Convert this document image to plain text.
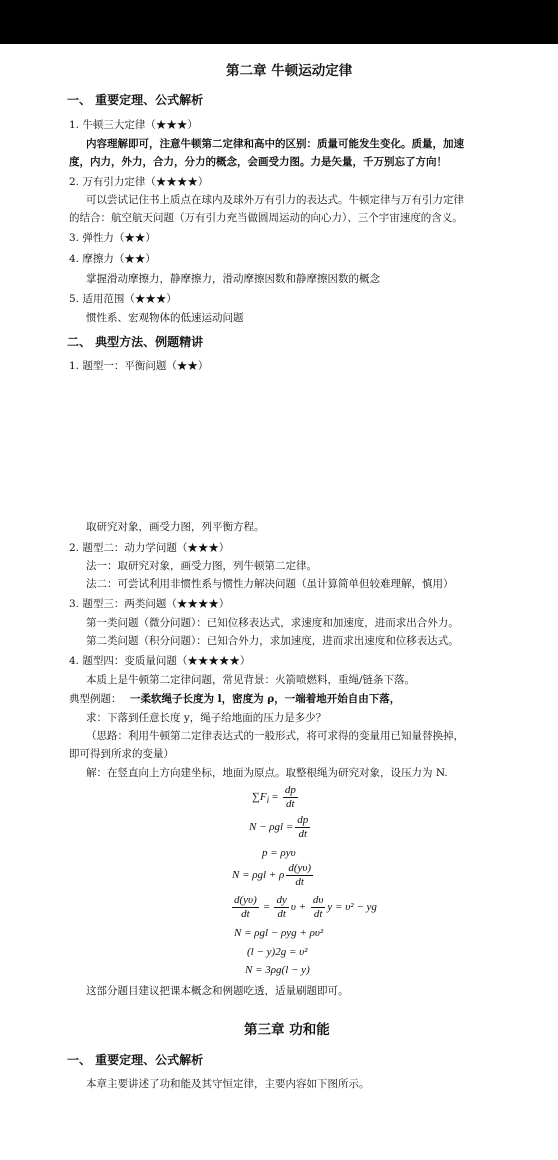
第二章 牛顿运动定律
一、 重要定理、公式解析
1. 牛顿三大定律（★★★）
内容理解即可，注意牛顿第二定律和高中的区别：质量可能发生变化。质量，加速
度，内力，外力，合力，分力的概念，会画受力图。力是矢量，千万别忘了方向！
2. 万有引力定律（★★★★）
可以尝试记住书上质点在球内及球外万有引力的表达式。牛顿定律与万有引力定律
的结合：航空航天问题（万有引力充当做圆周运动的向心力）、三个宇宙速度的含义。
3. 弹性力（★★）
4. 摩擦力（★★）
掌握滑动摩擦力，静摩擦力，滑动摩擦因数和静摩擦因数的概念
5. 适用范围（★★★）
惯性系、宏观物体的低速运动问题
二、 典型方法、例题精讲
1. 题型一：平衡问题（★★）
取研究对象，画受力图，列平衡方程。
2. 题型二：动力学问题（★★★）
法一：取研究对象，画受力图，列牛顿第二定律。
法二：可尝试利用非惯性系与惯性力解决问题（虽计算简单但较难理解，慎用）
3. 题型三：两类问题（★★★★）
第一类问题（微分问题）：已知位移表达式，求速度和加速度，进而求出合外力。
第二类问题（积分问题）：已知合外力，求加速度，进而求出速度和位移表达式。
4. 题型四：变质量问题（★★★★★）
本质上是牛顿第二定律问题，常见背景：火箭喷燃料，重绳/链条下落。
典型例题： 一柔软绳子长度为 l，密度为 ρ，一端着地开始自由下落，
求：下落到任意长度 y，绳子给地面的压力是多少？
（思路：利用牛顿第二定律表达式的一般形式，将可求得的变量用已知量替换掉，
即可得到所求的变量）
解：在竖直向上方向建坐标，地面为原点。取整根绳为研究对象，设压力为 N.
$\sum F_i = \frac{dp}{dt}$
$N - \rho gl = \frac{dp}{dt}$
p = ρyυ
N = ρgl + ρ $\frac{d(y\upsilon)}{dt}$
$\frac{d(y\upsilon)}{dt} = \frac{dy}{dt}$ $\upsilon + \frac{d\upsilon}{dt}$ y = υ² − yg
N = ρgl − ρyg + ρυ²
(l − y)2g = υ²
N = 3ρg(l − y)
这部分题目建议把课本概念和例题吃透，适量刷题即可。
第三章 功和能
一、 重要定理、公式解析
本章主要讲述了功和能及其守恒定律，主要内容如下图所示。
